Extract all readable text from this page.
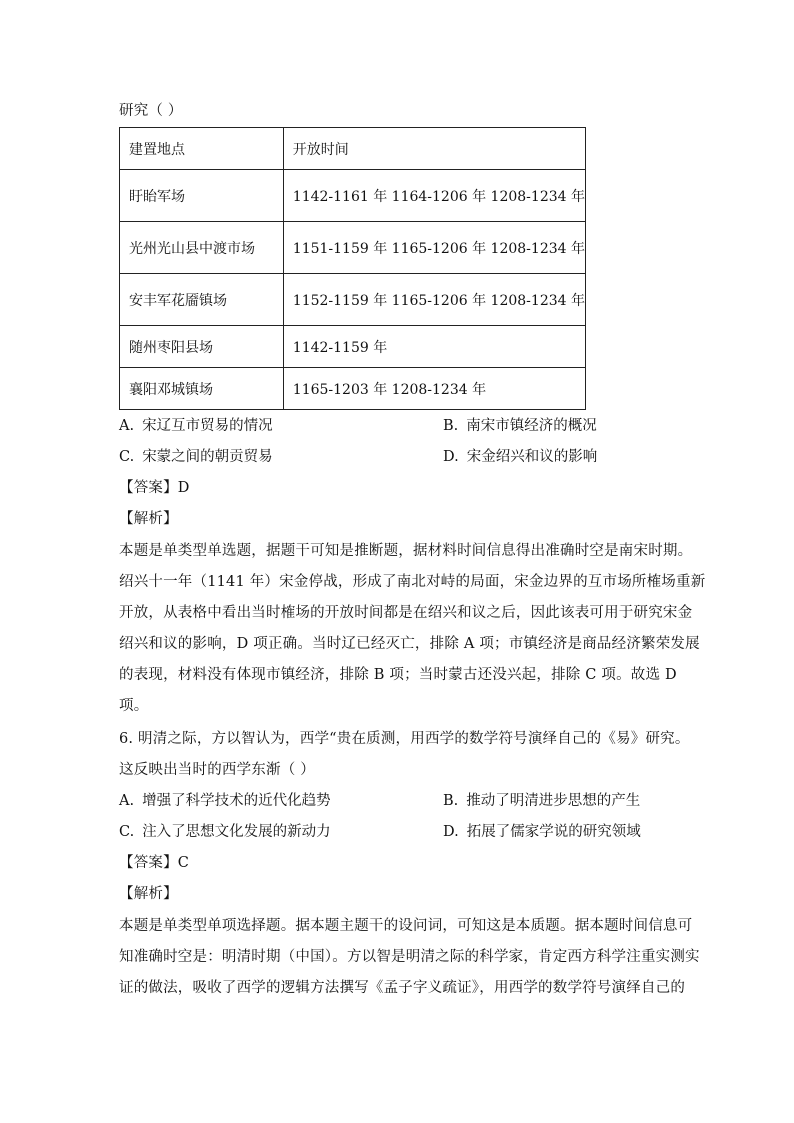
研究（ ）
建置地点	开放时间
盱眙军场	1142-1161 年 1164-1206 年 1208-1234 年
光州光山县中渡市场	1151-1159 年 1165-1206 年 1208-1234 年
安丰军花靥镇场	1152-1159 年 1165-1206 年 1208-1234 年
随州枣阳县场	1142-1159 年
襄阳邓城镇场	1165-1203 年 1208-1234 年
A. 宋辽互市贸易的情况	B. 南宋市镇经济的概况
C. 宋蒙之间的朝贡贸易	D. 宋金绍兴和议的影响
【答案】D
【解析】
本题是单类型单选题，据题干可知是推断题，据材料时间信息得出准确时空是南宋时期。
绍兴十一年（1141 年）宋金停战，形成了南北对峙的局面，宋金边界的互市场所榷场重新
开放，从表格中看出当时榷场的开放时间都是在绍兴和议之后，因此该表可用于研究宋金
绍兴和议的影响，D 项正确。当时辽已经灭亡，排除 A 项；市镇经济是商品经济繁荣发展
的表现，材料没有体现市镇经济，排除 B 项；当时蒙古还没兴起，排除 C 项。故选 D
项。
6. 明清之际，方以智认为，西学“贵在质测，用西学的数学符号演绎自己的《易》研究。
这反映出当时的西学东渐（ ）
A. 增强了科学技术的近代化趋势	B. 推动了明清进步思想的产生
C. 注入了思想文化发展的新动力	D. 拓展了儒家学说的研究领域
【答案】C
【解析】
本题是单类型单项选择题。据本题主题干的设问词，可知这是本质题。据本题时间信息可
知准确时空是：明清时期（中国）。方以智是明清之际的科学家，肯定西方科学注重实测实
证的做法，吸收了西学的逻辑方法撰写《孟子字义疏证》，用西学的数学符号演绎自己的
